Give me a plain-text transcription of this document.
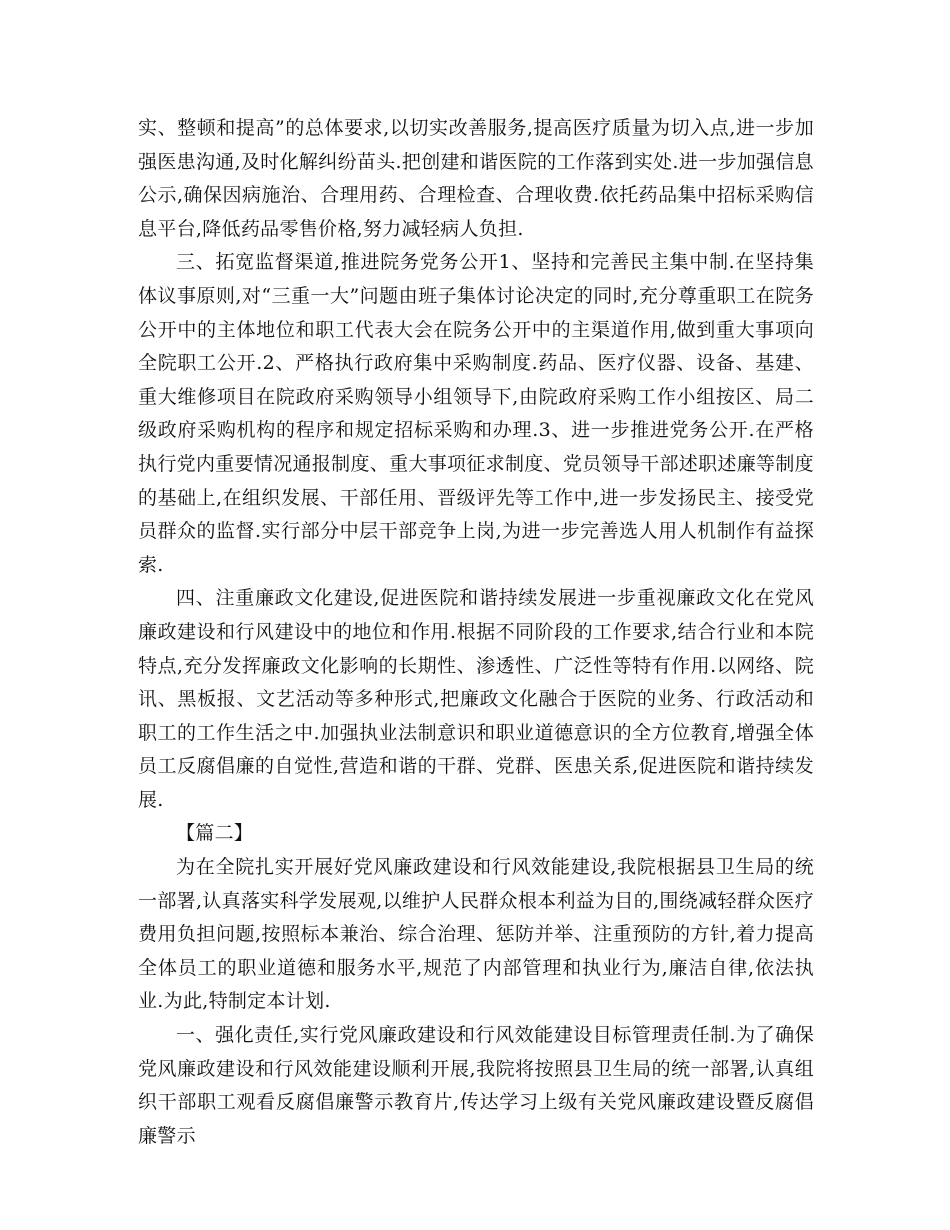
实、整顿和提高”的总体要求,以切实改善服务,提高医疗质量为切入点,进一步加强医患沟通,及时化解纠纷苗头.把创建和谐医院的工作落到实处.进一步加强信息公示,确保因病施治、合理用药、合理检查、合理收费.依托药品集中招标采购信息平台,降低药品零售价格,努力减轻病人负担.

三、拓宽监督渠道,推进院务党务公开1、坚持和完善民主集中制.在坚持集体议事原则,对“三重一大”问题由班子集体讨论决定的同时,充分尊重职工在院务公开中的主体地位和职工代表大会在院务公开中的主渠道作用,做到重大事项向全院职工公开.2、严格执行政府集中采购制度.药品、医疗仪器、设备、基建、重大维修项目在院政府采购领导小组领导下,由院政府采购工作小组按区、局二级政府采购机构的程序和规定招标采购和办理.3、进一步推进党务公开.在严格执行党内重要情况通报制度、重大事项征求制度、党员领导干部述职述廉等制度的基础上,在组织发展、干部任用、晋级评先等工作中,进一步发扬民主、接受党员群众的监督.实行部分中层干部竞争上岗,为进一步完善选人用人机制作有益探索.

四、注重廉政文化建设,促进医院和谐持续发展进一步重视廉政文化在党风廉政建设和行风建设中的地位和作用.根据不同阶段的工作要求,结合行业和本院特点,充分发挥廉政文化影响的长期性、渗透性、广泛性等特有作用.以网络、院讯、黑板报、文艺活动等多种形式,把廉政文化融合于医院的业务、行政活动和职工的工作生活之中.加强执业法制意识和职业道德意识的全方位教育,增强全体员工反腐倡廉的自觉性,营造和谐的干群、党群、医患关系,促进医院和谐持续发展.

【篇二】

为在全院扎实开展好党风廉政建设和行风效能建设,我院根据县卫生局的统一部署,认真落实科学发展观,以维护人民群众根本利益为目的,围绕减轻群众医疗费用负担问题,按照标本兼治、综合治理、惩防并举、注重预防的方针,着力提高全体员工的职业道德和服务水平,规范了内部管理和执业行为,廉洁自律,依法执业.为此,特制定本计划.

一、强化责任,实行党风廉政建设和行风效能建设目标管理责任制.为了确保党风廉政建设和行风效能建设顺利开展,我院将按照县卫生局的统一部署,认真组织干部职工观看反腐倡廉警示教育片,传达学习上级有关党风廉政建设暨反腐倡廉警示
